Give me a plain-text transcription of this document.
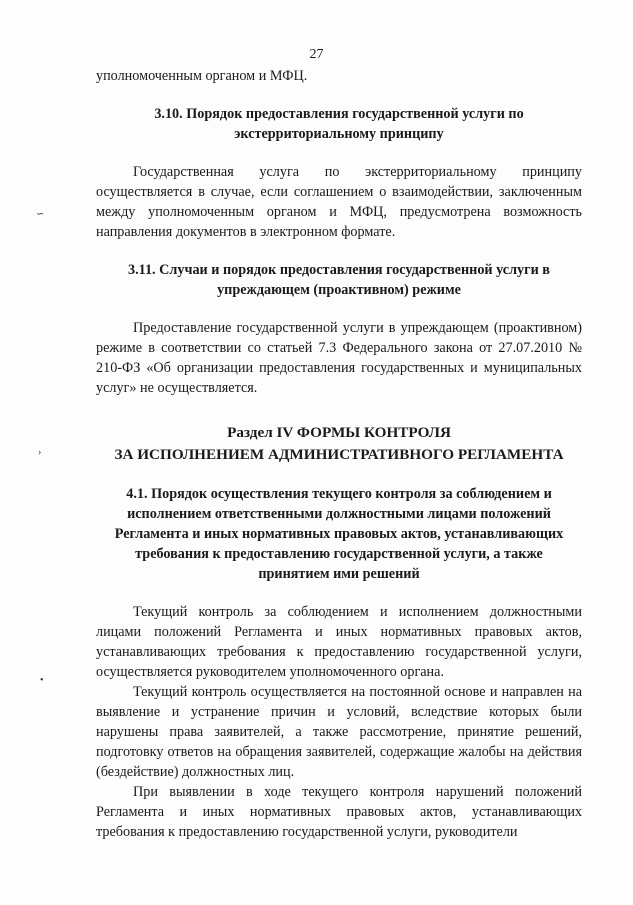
27
∽
›
•

уполномоченным органом и МФЦ.

3.10. Порядок предоставления государственной услуги по

экстерриториальному принципу

Государственная услуга по экстерриториальному принципу осуществляется в случае, если соглашением о взаимодействии, заключенным между уполномоченным органом и МФЦ, предусмотрена возможность направления документов в электронном формате.

3.11. Случаи и порядок предоставления государственной услуги в

упреждающем (проактивном) режиме

Предоставление государственной услуги в упреждающем (проактивном) режиме в соответствии со статьей 7.3 Федерального закона от 27.07.2010 № 210-ФЗ «Об организации предоставления государственных и муниципальных услуг» не осуществляется.

Раздел IV ФОРМЫ КОНТРОЛЯ

ЗА ИСПОЛНЕНИЕМ АДМИНИСТРАТИВНОГО РЕГЛАМЕНТА

4.1. Порядок осуществления текущего контроля за соблюдением и

исполнением ответственными должностными лицами положений

Регламента и иных нормативных правовых актов, устанавливающих

требования к предоставлению государственной услуги, а также

принятием ими решений

Текущий контроль за соблюдением и исполнением должностными лицами положений Регламента и иных нормативных правовых актов, устанавливающих требования к предоставлению государственной услуги, осуществляется руководителем уполномоченного органа.

Текущий контроль осуществляется на постоянной основе и направлен на выявление и устранение причин и условий, вследствие которых были нарушены права заявителей, а также рассмотрение, принятие решений, подготовку ответов на обращения заявителей, содержащие жалобы на действия (бездействие) должностных лиц.

При выявлении в ходе текущего контроля нарушений положений Регламента и иных нормативных правовых актов, устанавливающих требования к предоставлению государственной услуги, руководители
